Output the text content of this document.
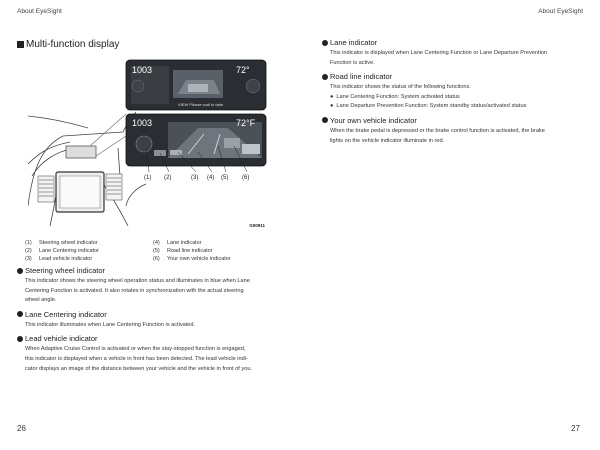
About EyeSight	About EyeSight
Multi-function display
1003	72°
VIEW Please wait to fade
1003	72°F
(1) (2)	(3) (4) (5) (6)
G00911
(1)	Steering wheel indicator
(2)	Lane Centering indicator
(3)	Lead vehicle indicator
(4)	Lane indicator
(5)	Road line indicator
(6)	Your own vehicle indicator
Steering wheel indicator
This indicator shows the steering wheel operation status and illuminates in blue when Lane
Centering Function is activated. It also rotates in synchronization with the actual steering
wheel angle.
Lane Centering indicator
This indicator illuminates when Lane Centering Function is activated.
Lead vehicle indicator
When Adaptive Cruise Control is activated or when the stay-stopped function is engaged,
this indicator is displayed when a vehicle in front has been detected. The lead vehicle indi-
cator displays an image of the distance between your vehicle and the vehicle in front of you.
Lane indicator
This indicator is displayed when Lane Centering Function or Lane Departure Prevention
Function is active.
Road line indicator
This indicator shows the status of the following functions.
● Lane Centering Function: System activated status
● Lane Departure Prevention Function: System standby status/activated status
Your own vehicle indicator
When the brake pedal is depressed or the brake control function is activated, the brake
lights on the vehicle indicator illuminate in red.
26	27
